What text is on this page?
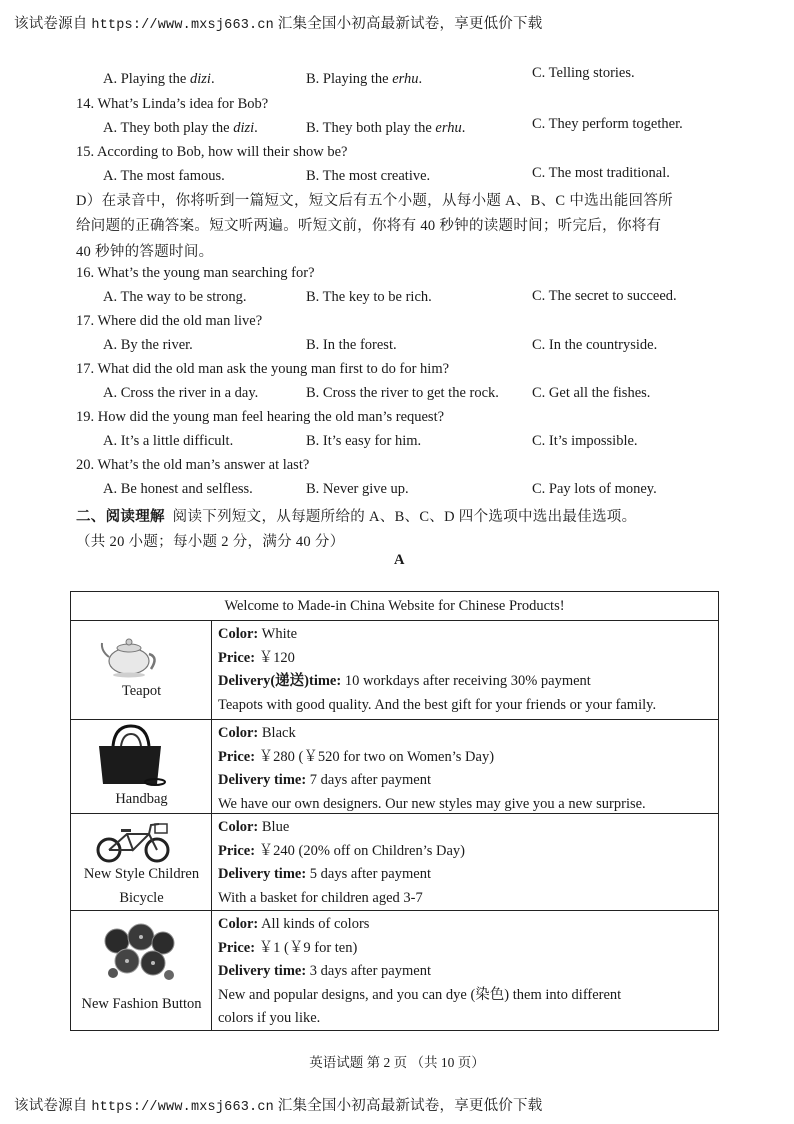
该试卷源自 https://www.mxsj663.cn 汇集全国小初高最新试卷，享更低价下载
A. Playing the dizi.	B. Playing the erhu.	C. Telling stories.
14. What’s Linda’s idea for Bob?
A. They both play the dizi.	B. They both play the erhu.	C. They perform together.
15. According to Bob, how will their show be?
A. The most famous.	B. The most creative.	C. The most traditional.
D）在录音中，你将听到一篇短文，短文后有五个小题，从每小题 A、B、C 中选出能回答所
给问题的正确答案。短文听两遍。听短文前，你将有 40 秒钟的读题时间；听完后，你将有
40 秒钟的答题时间。
16. What’s the young man searching for?
A. The way to be strong.	B. The key to be rich.	C. The secret to succeed.
17. Where did the old man live?
A. By the river.	B. In the forest.	C. In the countryside.
17. What did the old man ask the young man first to do for him?
A. Cross the river in a day.	B. Cross the river to get the rock. C. Get all the fishes.
19. How did the young man feel hearing the old man’s request?
A. It’s a little difficult.	B. It’s easy for him.	C. It’s impossible.
20. What’s the old man’s answer at last?
A. Be honest and selfless.	B. Never give up.	C. Pay lots of money.
二、阅读理解 阅读下列短文，从每题所给的 A、B、C、D 四个选项中选出最佳选项。
（共 20 小题；每小题 2 分，满分 40 分）
A
Welcome to Made-in China Website for Chinese Products!
Teapot
Color: White
Price: ￥120
Delivery(递送)time: 10 workdays after receiving 30% payment
Teapots with good quality. And the best gift for your friends or your family.
Handbag
Color: Black
Price: ￥280 (￥520 for two on Women’s Day)
Delivery time: 7 days after payment
We have our own designers. Our new styles may give you a new surprise.
New Style Children
Bicycle
Color: Blue
Price: ￥240 (20% off on Children’s Day)
Delivery time: 5 days after payment
With a basket for children aged 3-7
New Fashion Button
Color: All kinds of colors
Price: ￥1 (￥9 for ten)
Delivery time: 3 days after payment
New and popular designs, and you can dye (染色) them into different
colors if you like.
英语试题 第 2 页 （共 10 页）
该试卷源自 https://www.mxsj663.cn 汇集全国小初高最新试卷，享更低价下载
